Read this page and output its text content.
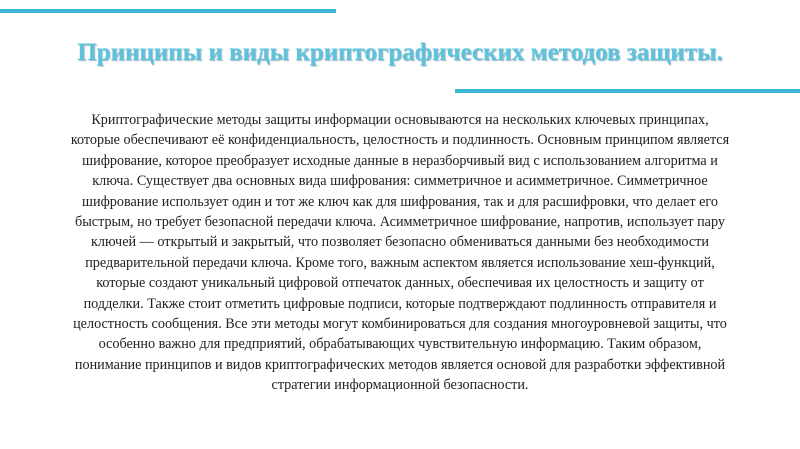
Принципы и виды криптографических методов защиты.

Криптографические методы защиты информации основываются на нескольких ключевых принципах, которые обеспечивают её конфиденциальность, целостность и подлинность. Основным принципом является шифрование, которое преобразует исходные данные в неразборчивый вид с использованием алгоритма и ключа. Существует два основных вида шифрования: симметричное и асимметричное. Симметричное шифрование использует один и тот же ключ как для шифрования, так и для расшифровки, что делает его быстрым, но требует безопасной передачи ключа. Асимметричное шифрование, напротив, использует пару ключей — открытый и закрытый, что позволяет безопасно обмениваться данными без необходимости предварительной передачи ключа. Кроме того, важным аспектом является использование хеш-функций, которые создают уникальный цифровой отпечаток данных, обеспечивая их целостность и защиту от подделки. Также стоит отметить цифровые подписи, которые подтверждают подлинность отправителя и целостность сообщения. Все эти методы могут комбинироваться для создания многоуровневой защиты, что особенно важно для предприятий, обрабатывающих чувствительную информацию. Таким образом, понимание принципов и видов криптографических методов является основой для разработки эффективной стратегии информационной безопасности.
